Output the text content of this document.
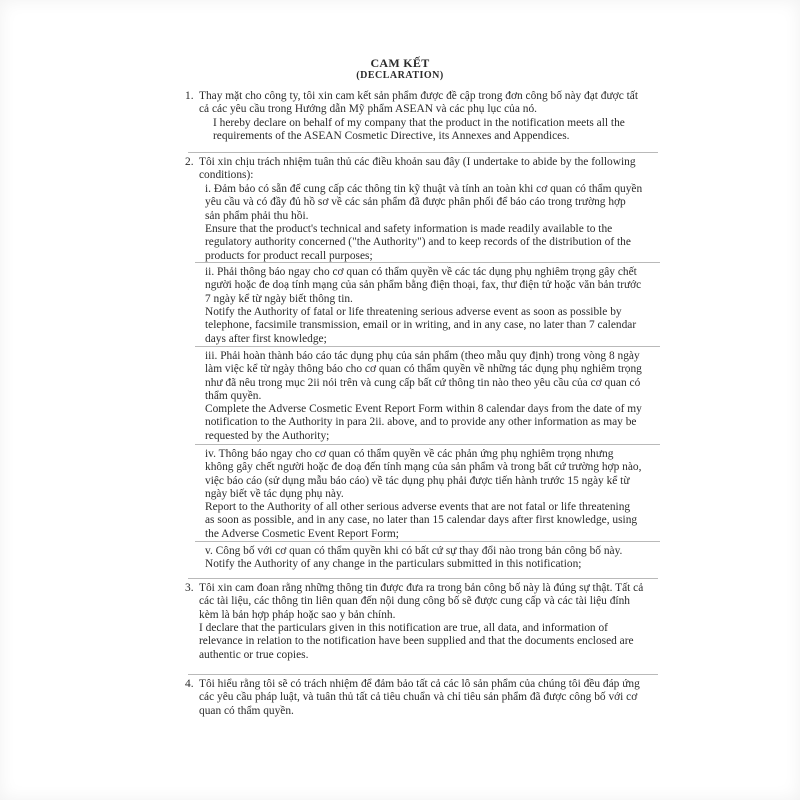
CAM KẾT
(DECLARATION)
1. Thay mặt cho công ty, tôi xin cam kết sản phẩm được đề cập trong đơn công bố này đạt được tất
cả các yêu cầu trong Hướng dẫn Mỹ phẩm ASEAN và các phụ lục của nó.
I hereby declare on behalf of my company that the product in the notification meets all the
requirements of the ASEAN Cosmetic Directive, its Annexes and Appendices.
2. Tôi xin chịu trách nhiệm tuân thủ các điều khoản sau đây (I undertake to abide by the following
conditions):
i. Đảm bảo có sẵn để cung cấp các thông tin kỹ thuật và tính an toàn khi cơ quan có thẩm quyền
yêu cầu và có đầy đủ hồ sơ về các sản phẩm đã được phân phối để báo cáo trong trường hợp
sản phẩm phải thu hồi.
Ensure that the product's technical and safety information is made readily available to the
regulatory authority concerned ("the Authority") and to keep records of the distribution of the
products for product recall purposes;
ii. Phải thông báo ngay cho cơ quan có thẩm quyền về các tác dụng phụ nghiêm trọng gây chết
người hoặc đe doạ tính mạng của sản phẩm bằng điện thoại, fax, thư điện tử hoặc văn bản trước
7 ngày kể từ ngày biết thông tin.
Notify the Authority of fatal or life threatening serious adverse event as soon as possible by
telephone, facsimile transmission, email or in writing, and in any case, no later than 7 calendar
days after first knowledge;
iii. Phải hoàn thành báo cáo tác dụng phụ của sản phẩm (theo mẫu quy định) trong vòng 8 ngày
làm việc kể từ ngày thông báo cho cơ quan có thẩm quyền về những tác dụng phụ nghiêm trọng
như đã nêu trong mục 2ii nói trên và cung cấp bất cứ thông tin nào theo yêu cầu của cơ quan có
thẩm quyền.
Complete the Adverse Cosmetic Event Report Form within 8 calendar days from the date of my
notification to the Authority in para 2ii. above, and to provide any other information as may be
requested by the Authority;
iv. Thông báo ngay cho cơ quan có thẩm quyền về các phản ứng phụ nghiêm trọng nhưng
không gây chết người hoặc đe doạ đến tính mạng của sản phẩm và trong bất cứ trường hợp nào,
việc báo cáo (sử dụng mẫu báo cáo) về tác dụng phụ phải được tiến hành trước 15 ngày kể từ
ngày biết về tác dụng phụ này.
Report to the Authority of all other serious adverse events that are not fatal or life threatening
as soon as possible, and in any case, no later than 15 calendar days after first knowledge, using
the Adverse Cosmetic Event Report Form;
v. Công bố với cơ quan có thẩm quyền khi có bất cứ sự thay đổi nào trong bản công bố này.
Notify the Authority of any change in the particulars submitted in this notification;
3. Tôi xin cam đoan rằng những thông tin được đưa ra trong bản công bố này là đúng sự thật. Tất cả
các tài liệu, các thông tin liên quan đến nội dung công bố sẽ được cung cấp và các tài liệu đính
kèm là bản hợp pháp hoặc sao y bản chính.
I declare that the particulars given in this notification are true, all data, and information of
relevance in relation to the notification have been supplied and that the documents enclosed are
authentic or true copies.
4. Tôi hiểu rằng tôi sẽ có trách nhiệm để đảm bảo tất cả các lô sản phẩm của chúng tôi đều đáp ứng
các yêu cầu pháp luật, và tuân thủ tất cả tiêu chuẩn và chỉ tiêu sản phẩm đã được công bố với cơ
quan có thẩm quyền.
